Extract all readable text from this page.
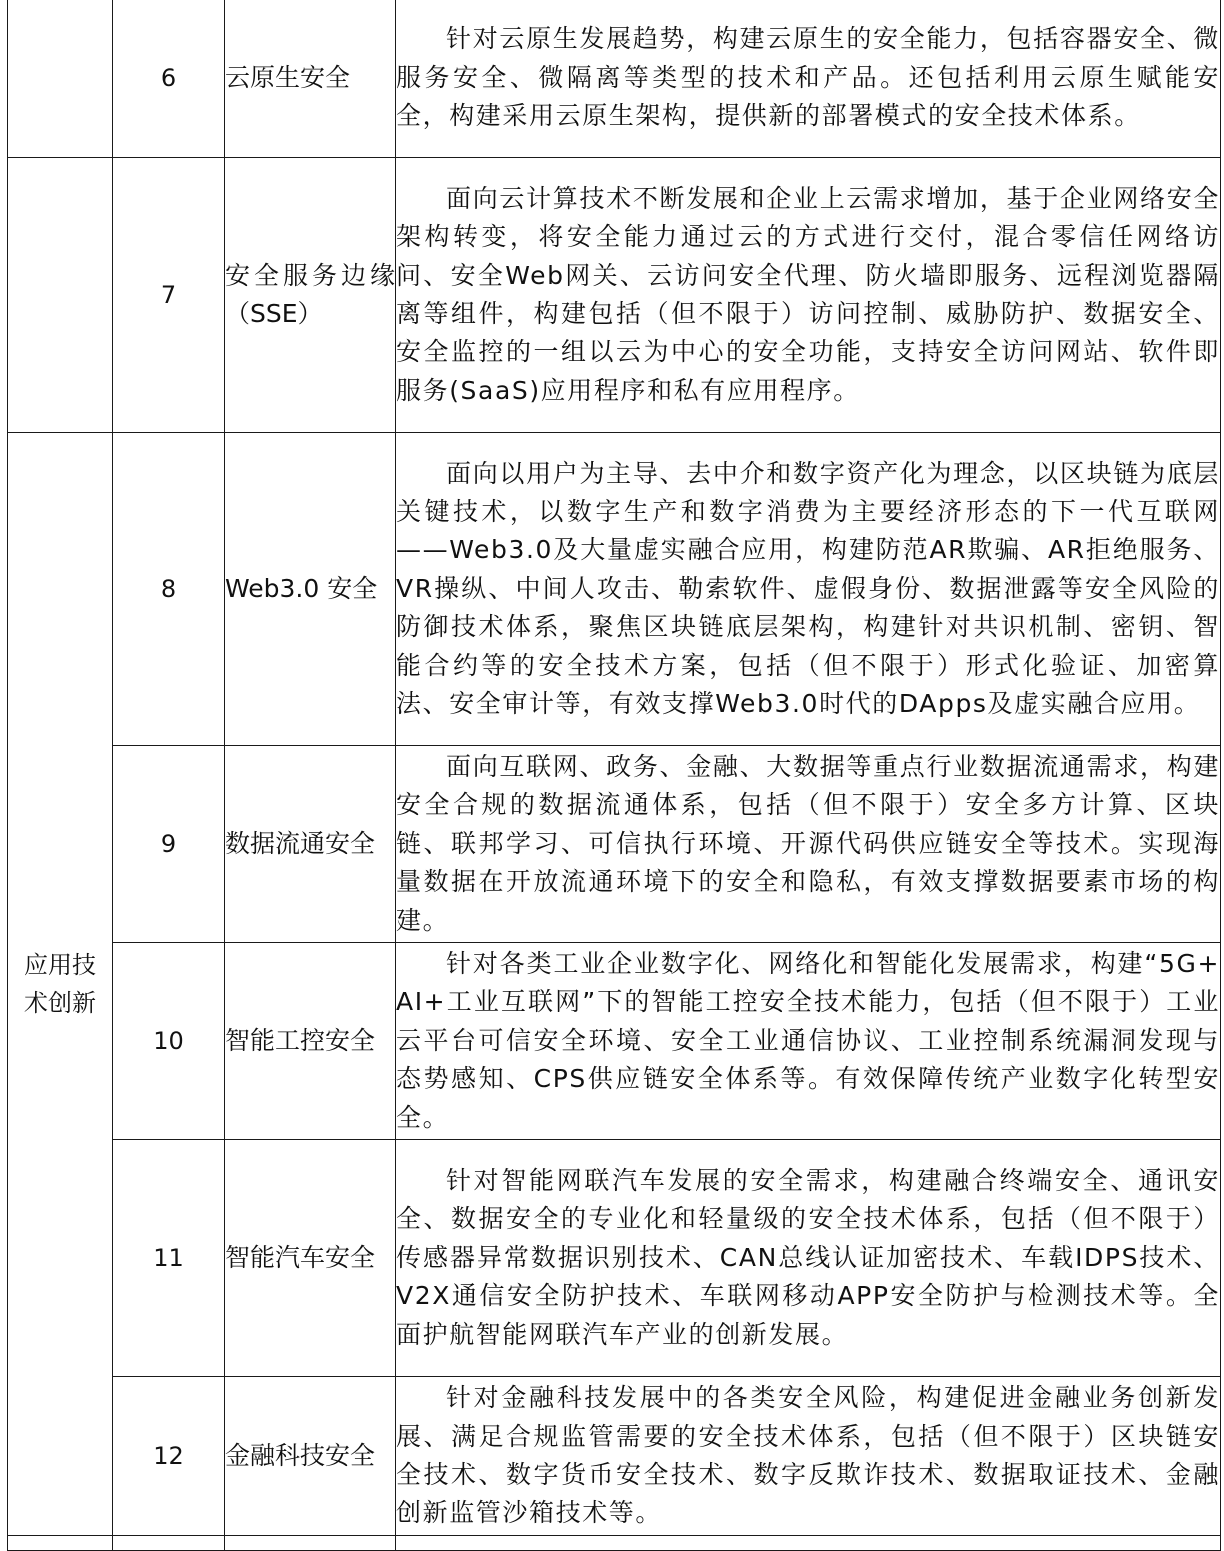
	6	云原生安全	针对云原生发展趋势，构建云原生的安全能力，包括容器安全、微服务安全、微隔离等类型的技术和产品。还包括利用云原生赋能安全，构建采用云原生架构，提供新的部署模式的安全技术体系。

	7	安全服务边缘（SSE）	面向云计算技术不断发展和企业上云需求增加，基于企业网络安全架构转变，将安全能力通过云的方式进行交付，混合零信任网络访问、安全Web网关、云访问安全代理、防火墙即服务、远程浏览器隔离等组件，构建包括（但不限于）访问控制、威胁防护、数据安全、安全监控的一组以云为中心的安全功能，支持安全访问网站、软件即服务(SaaS)应用程序和私有应用程序。

应用技术创新	8	Web3.0 安全	面向以用户为主导、去中介和数字资产化为理念，以区块链为底层关键技术，以数字生产和数字消费为主要经济形态的下一代互联网——Web3.0及大量虚实融合应用，构建防范AR欺骗、AR拒绝服务、VR操纵、中间人攻击、勒索软件、虚假身份、数据泄露等安全风险的防御技术体系，聚焦区块链底层架构，构建针对共识机制、密钥、智能合约等的安全技术方案，包括（但不限于）形式化验证、加密算法、安全审计等，有效支撑Web3.0时代的DApps及虚实融合应用。

	9	数据流通安全	面向互联网、政务、金融、大数据等重点行业数据流通需求，构建安全合规的数据流通体系，包括（但不限于）安全多方计算、区块链、联邦学习、可信执行环境、开源代码供应链安全等技术。实现海量数据在开放流通环境下的安全和隐私，有效支撑数据要素市场的构建。

	10	智能工控安全	针对各类工业企业数字化、网络化和智能化发展需求，构建“5G+AI+工业互联网”下的智能工控安全技术能力，包括（但不限于）工业云平台可信安全环境、安全工业通信协议、工业控制系统漏洞发现与态势感知、CPS供应链安全体系等。有效保障传统产业数字化转型安全。

	11	智能汽车安全	针对智能网联汽车发展的安全需求，构建融合终端安全、通讯安全、数据安全的专业化和轻量级的安全技术体系，包括（但不限于）传感器异常数据识别技术、CAN总线认证加密技术、车载IDPS技术、V2X通信安全防护技术、车联网移动APP安全防护与检测技术等。全面护航智能网联汽车产业的创新发展。

	12	金融科技安全	针对金融科技发展中的各类安全风险，构建促进金融业务创新发展、满足合规监管需要的安全技术体系，包括（但不限于）区块链安全技术、数字货币安全技术、数字反欺诈技术、数据取证技术、金融创新监管沙箱技术等。
